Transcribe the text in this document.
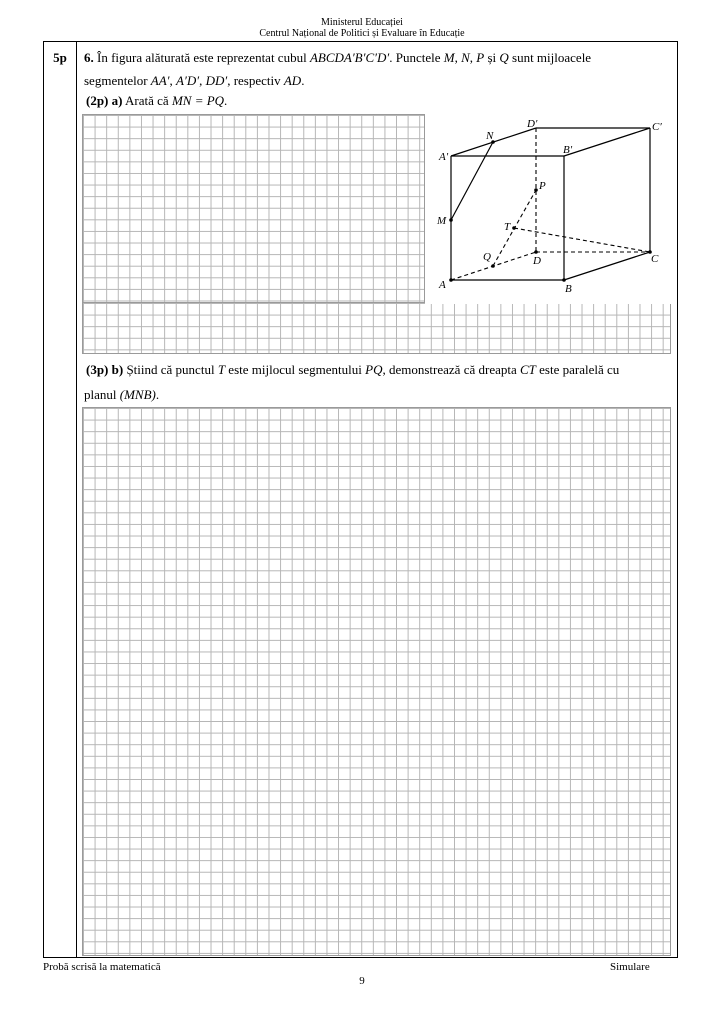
Ministerul Educației
Centrul Național de Politici și Evaluare în Educație
5p	6. În figura alăturată este reprezentat cubul ABCDA′B′C′D′. Punctele M, N, P și Q sunt mijloacele
segmentelor AA′, A′D′, DD′, respectiv AD.
(2p) a) Arată că MN = PQ.
A′
B′
C′
D′
A	B
C
D
M
N
P
Q
T
(3p) b) Știind că punctul T este mijlocul segmentului PQ, demonstrează că dreapta CT este paralelă cu
planul (MNB).
Probă scrisă la matematică
9
Simulare
